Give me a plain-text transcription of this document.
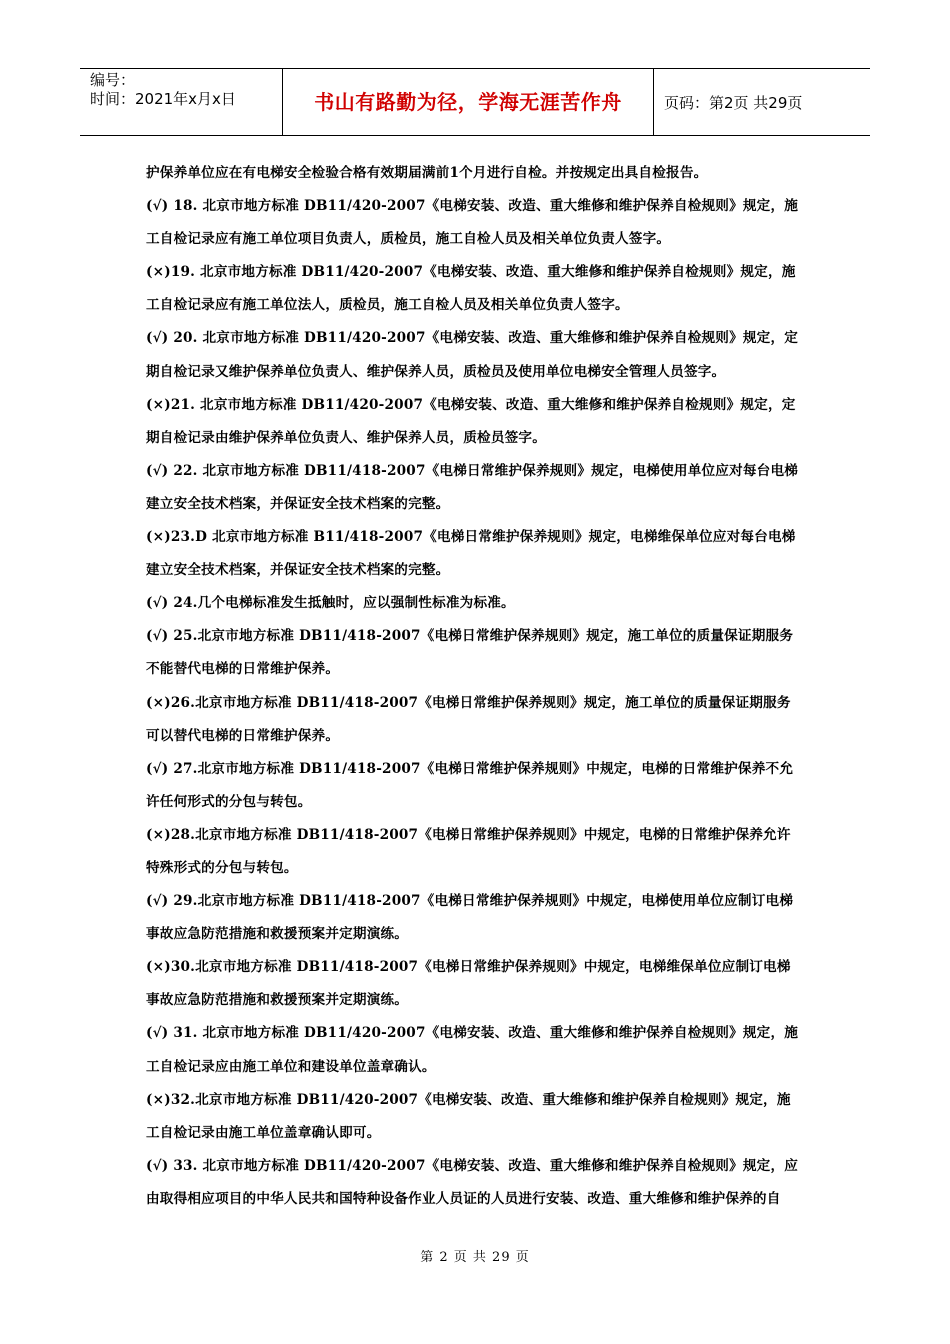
编号：
时间：2021年x月x日	书山有路勤为径，学海无涯苦作舟	页码：第2页 共29页
护保养单位应在有电梯安全检验合格有效期届满前1个月进行自检。并按规定出具自检报告。
(√) 18. 北京市地方标准 DB11/420-2007《电梯安装、改造、重大维修和维护保养自检规则》规定，施
工自检记录应有施工单位项目负责人，质检员，施工自检人员及相关单位负责人签字。
(×)19. 北京市地方标准 DB11/420-2007《电梯安装、改造、重大维修和维护保养自检规则》规定，施
工自检记录应有施工单位法人，质检员，施工自检人员及相关单位负责人签字。
(√) 20. 北京市地方标准 DB11/420-2007《电梯安装、改造、重大维修和维护保养自检规则》规定，定
期自检记录又维护保养单位负责人、维护保养人员，质检员及使用单位电梯安全管理人员签字。
(×)21. 北京市地方标准 DB11/420-2007《电梯安装、改造、重大维修和维护保养自检规则》规定，定
期自检记录由维护保养单位负责人、维护保养人员，质检员签字。
(√) 22. 北京市地方标准 DB11/418-2007《电梯日常维护保养规则》规定，电梯使用单位应对每台电梯
建立安全技术档案，并保证安全技术档案的完整。
(×)23.D 北京市地方标准 B11/418-2007《电梯日常维护保养规则》规定，电梯维保单位应对每台电梯
建立安全技术档案，并保证安全技术档案的完整。
(√) 24.几个电梯标准发生抵触时，应以强制性标准为标准。
(√) 25.北京市地方标准 DB11/418-2007《电梯日常维护保养规则》规定，施工单位的质量保证期服务
不能替代电梯的日常维护保养。
(×)26.北京市地方标准 DB11/418-2007《电梯日常维护保养规则》规定，施工单位的质量保证期服务
可以替代电梯的日常维护保养。
(√) 27.北京市地方标准 DB11/418-2007《电梯日常维护保养规则》中规定，电梯的日常维护保养不允
许任何形式的分包与转包。
(×)28.北京市地方标准 DB11/418-2007《电梯日常维护保养规则》中规定，电梯的日常维护保养允许
特殊形式的分包与转包。
(√) 29.北京市地方标准 DB11/418-2007《电梯日常维护保养规则》中规定，电梯使用单位应制订电梯
事故应急防范措施和救援预案并定期演练。
(×)30.北京市地方标准 DB11/418-2007《电梯日常维护保养规则》中规定，电梯维保单位应制订电梯
事故应急防范措施和救援预案并定期演练。
(√) 31. 北京市地方标准 DB11/420-2007《电梯安装、改造、重大维修和维护保养自检规则》规定，施
工自检记录应由施工单位和建设单位盖章确认。
(×)32.北京市地方标准 DB11/420-2007《电梯安装、改造、重大维修和维护保养自检规则》规定，施
工自检记录由施工单位盖章确认即可。
(√) 33. 北京市地方标准 DB11/420-2007《电梯安装、改造、重大维修和维护保养自检规则》规定，应
由取得相应项目的中华人民共和国特种设备作业人员证的人员进行安装、改造、重大维修和维护保养的自
第 2 页 共 29 页
